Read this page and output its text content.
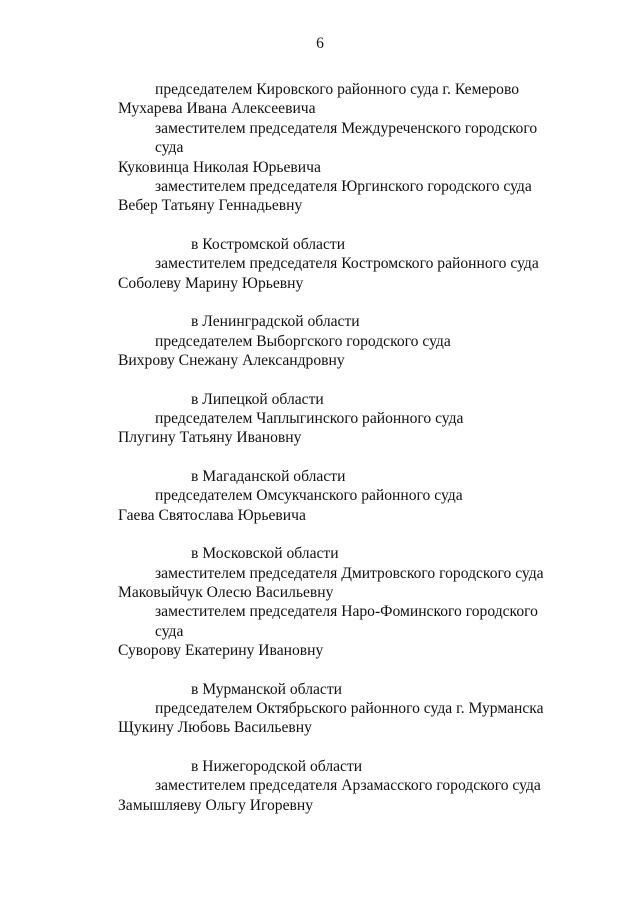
6
председателем Кировского районного суда г. Кемерово
Мухарева Ивана Алексеевича
заместителем председателя Междуреченского городского
суда
Куковинца Николая Юрьевича
заместителем председателя Юргинского городского суда
Вебер Татьяну Геннадьевну
в Костромской области
заместителем председателя Костромского районного суда
Соболеву Марину Юрьевну
в Ленинградской области
председателем Выборгского городского суда
Вихрову Снежану Александровну
в Липецкой области
председателем Чаплыгинского районного суда
Плугину Татьяну Ивановну
в Магаданской области
председателем Омсукчанского районного суда
Гаева Святослава Юрьевича
в Московской области
заместителем председателя Дмитровского городского суда
Маковыйчук Олесю Васильевну
заместителем председателя Наро-Фоминского городского
суда
Суворову Екатерину Ивановну
в Мурманской области
председателем Октябрьского районного суда г. Мурманска
Щукину Любовь Васильевну
в Нижегородской области
заместителем председателя Арзамасского городского суда
Замышляеву Ольгу Игоревну
